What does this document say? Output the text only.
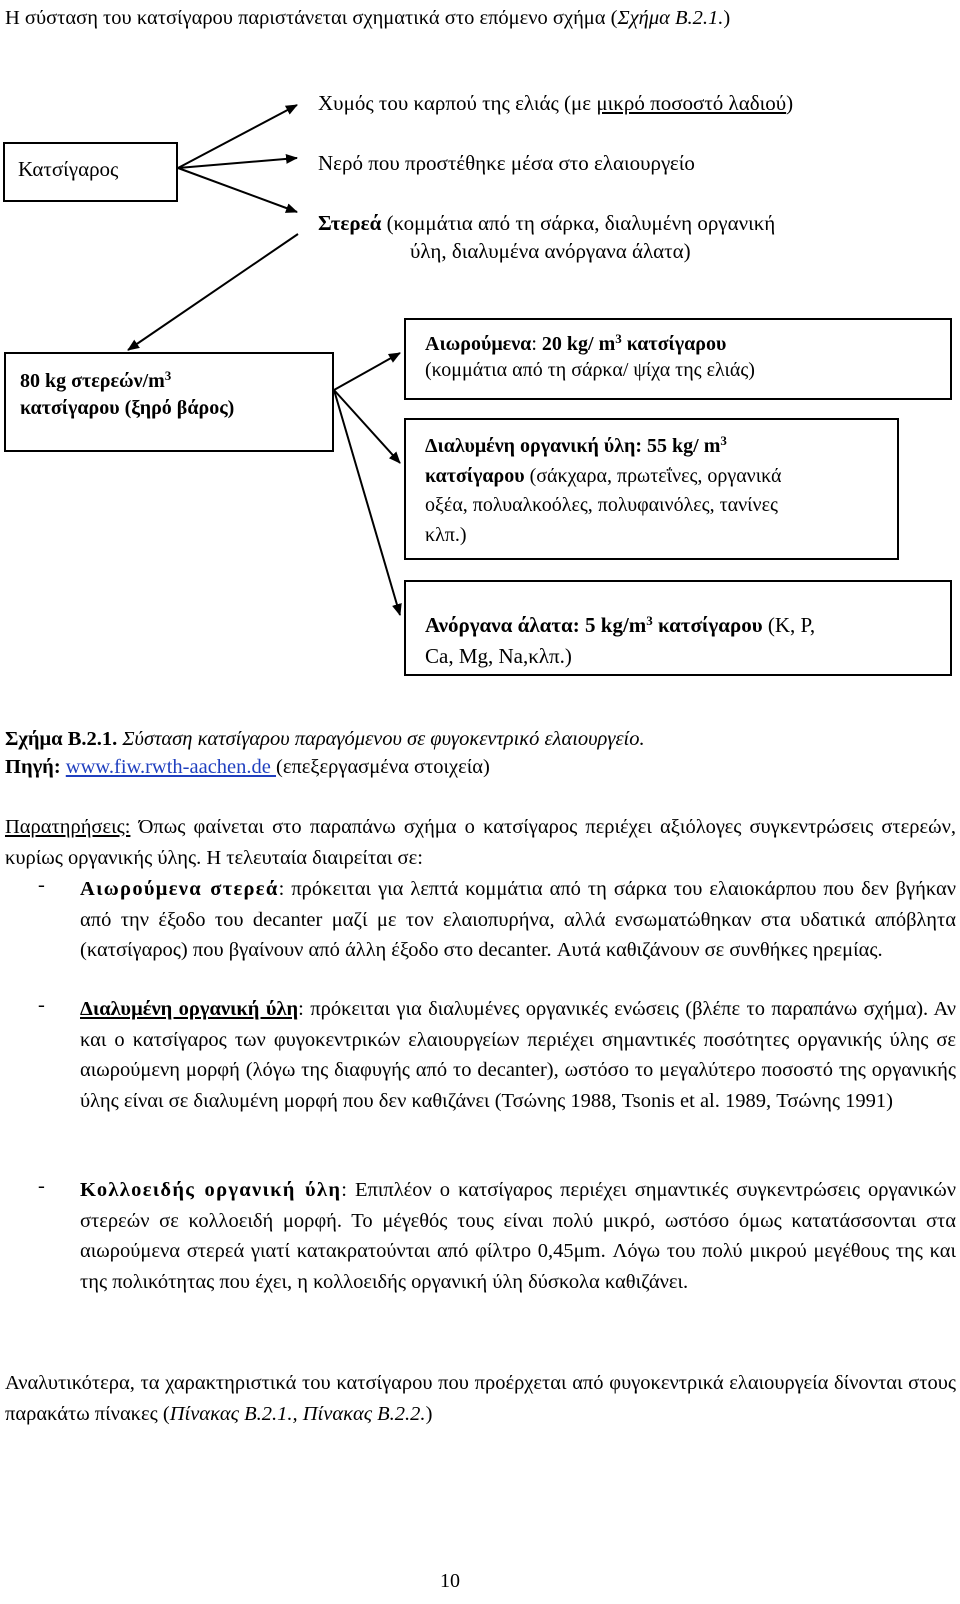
Η σύσταση του κατσίγαρου παριστάνεται σχηματικά στο επόμενο σχήμα (Σχήμα Β.2.1.)
Κατσίγαρος
Χυμός του καρπού της ελιάς (με μικρό ποσοστό λαδιού)
Νερό που προστέθηκε μέσα στο ελαιουργείο
Στερεά (κομμάτια από τη σάρκα, διαλυμένη οργανική
ύλη, διαλυμένα ανόργανα άλατα)
80 kg στερεών/$m^3$
κατσίγαρου (ξηρό βάρος)
Αιωρούμενα: 20 kg/ $m^3$ κατσίγαρου
(κομμάτια από τη σάρκα/ ψίχα της ελιάς)
Διαλυμένη οργανική ύλη: 55 kg/ $m^3$
κατσίγαρου (σάκχαρα, πρωτεΐνες, οργανικά
οξέα, πολυαλκοόλες, πολυφαινόλες, τανίνες
κλπ.)
Ανόργανα άλατα: 5 $kg/m^3$ κατσίγαρου (K, P,
Ca, Mg, Na,κλπ.)
Σχήμα Β.2.1. Σύσταση κατσίγαρου παραγόμενου σε φυγοκεντρικό ελαιουργείο.
Πηγή: www.fiw.rwth-aachen.de (επεξεργασμένα στοιχεία)
Παρατηρήσεις: Όπως φαίνεται στο παραπάνω σχήμα ο κατσίγαρος περιέχει αξιόλογες συγκεντρώσεις στερεών, κυρίως οργανικής ύλης. Η τελευταία διαιρείται σε:
- Αιωρούμενα στερεά: πρόκειται για λεπτά κομμάτια από τη σάρκα του ελαιοκάρπου που δεν βγήκαν από την έξοδο του decanter μαζί με τον ελαιοπυρήνα, αλλά ενσωματώθηκαν στα υδατικά απόβλητα (κατσίγαρος) που βγαίνουν από άλλη έξοδο στο decanter. Αυτά καθιζάνουν σε συνθήκες ηρεμίας.
- Διαλυμένη οργανική ύλη: πρόκειται για διαλυμένες οργανικές ενώσεις (βλέπε το παραπάνω σχήμα). Αν και ο κατσίγαρος των φυγοκεντρικών ελαιουργείων περιέχει σημαντικές ποσότητες οργανικής ύλης σε αιωρούμενη μορφή (λόγω της διαφυγής από το decanter), ωστόσο το μεγαλύτερο ποσοστό της οργανικής ύλης είναι σε διαλυμένη μορφή που δεν καθιζάνει (Τσώνης 1988, Tsonis et al. 1989, Τσώνης 1991)
- Κολλοειδής οργανική ύλη: Επιπλέον ο κατσίγαρος περιέχει σημαντικές συγκεντρώσεις οργανικών στερεών σε κολλοειδή μορφή. Το μέγεθός τους είναι πολύ μικρό, ωστόσο όμως κατατάσσονται στα αιωρούμενα στερεά γιατί κατακρατούνται από φίλτρο 0,45μm. Λόγω του πολύ μικρού μεγέθους της και της πολικότητας που έχει, η κολλοειδής οργανική ύλη δύσκολα καθιζάνει.
Αναλυτικότερα, τα χαρακτηριστικά του κατσίγαρου που προέρχεται από φυγοκεντρικά ελαιουργεία δίνονται στους παρακάτω πίνακες (Πίνακας Β.2.1., Πίνακας Β.2.2.)
10
